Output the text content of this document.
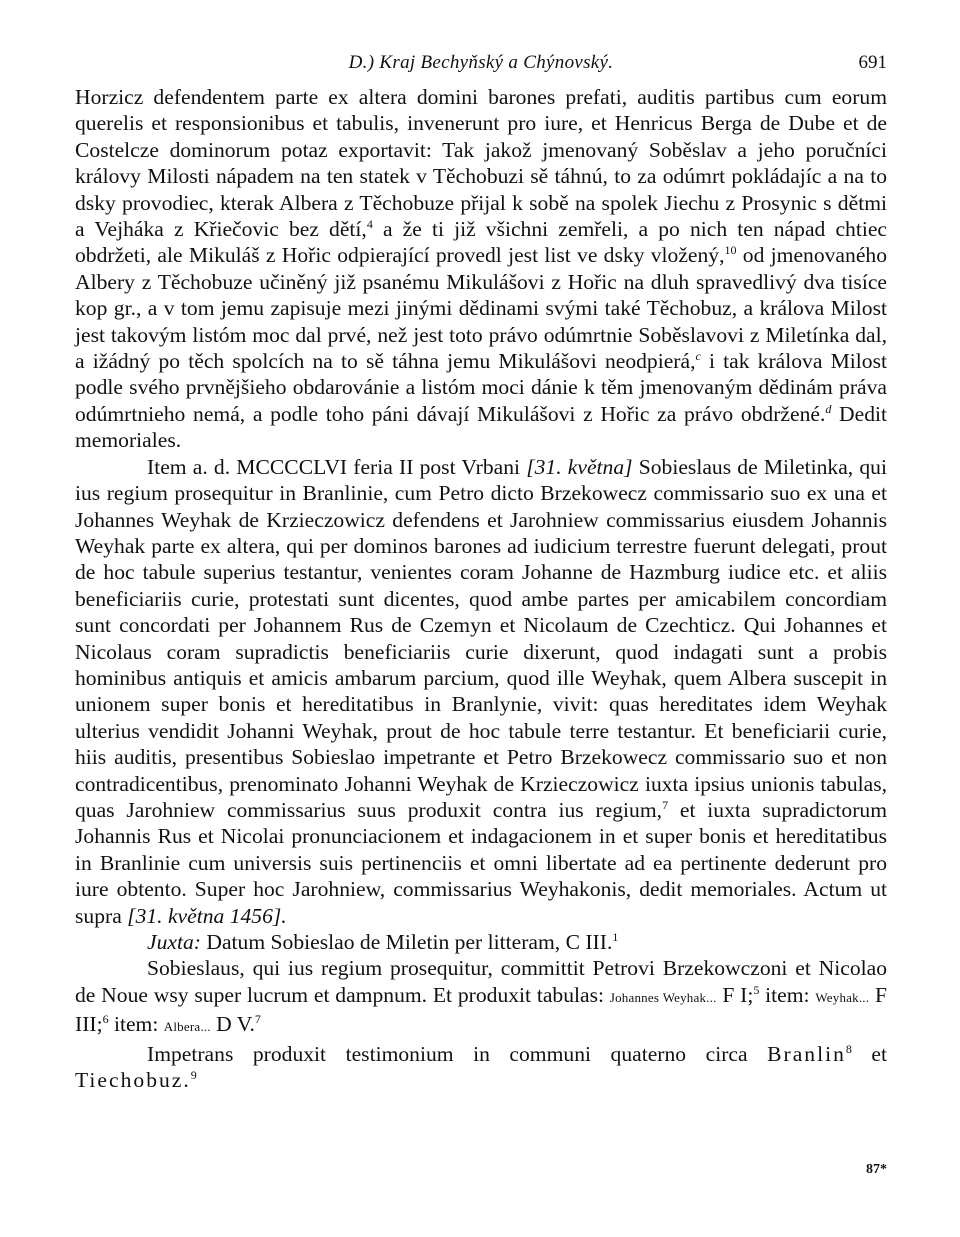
D.) Kraj Bechyňský a Chýnovský.	691

Horzicz defendentem parte ex altera domini barones prefati, auditis partibus cum eorum querelis et responsionibus et tabulis, invenerunt pro iure, et Henricus Berga de Dube et de Costelcze dominorum potaz exportavit: Tak jakož jmenovaný Soběslav a jeho poručníci královy Milosti nápadem na ten statek v Těchobuzi sě táhnú, to za odúmrt pokládajíc a na to dsky provodiec, kterak Albera z Těchobuze přijal k sobě na spolek Jiechu z Prosynic s dětmi a Vejháka z Křiečovic bez dětí,$^4$ a že ti již všichni zemřeli, a po nich ten nápad chtiec obdržeti, ale Mikuláš z Hořic odpierající provedl jest list ve dsky vložený,$^{10}$ od jmenovaného Albery z Těchobuze učiněný již psanému Mikulášovi z Hořic na dluh spravedlivý dva tisíce kop gr., a v tom jemu zapisuje mezi jinými dědinami svými také Těchobuz, a králova Milost jest takovým listóm moc dal prvé, než jest toto právo odúmrtnie Soběslavovi z Miletínka dal, a ižádný po těch spolcích na to sě táhna jemu Mikulášovi neodpierá,$^c$ i tak králova Milost podle svého prvnějšieho obdarovánie a listóm moci dánie k těm jmenovaným dědinám práva odúmrtnieho nemá, a podle toho páni dávají Mikulášovi z Hořic za právo obdržené.$^d$ Dedit memoriales.

Item a. d. MCCCCLVI feria II post Vrbani [31. května] Sobieslaus de Miletinka, qui ius regium prosequitur in Branlinie, cum Petro dicto Brzekowecz commissario suo ex una et Johannes Weyhak de Krzieczowicz defendens et Jarohniew commissarius eiusdem Johannis Weyhak parte ex altera, qui per dominos barones ad iudicium terrestre fuerunt delegati, prout de hoc tabule superius testantur, venientes coram Johanne de Hazmburg iudice etc. et aliis beneficiariis curie, protestati sunt dicentes, quod ambe partes per amicabilem concordiam sunt concordati per Johannem Rus de Czemyn et Nicolaum de Czechticz. Qui Johannes et Nicolaus coram supradictis beneficiariis curie dixerunt, quod indagati sunt a probis hominibus antiquis et amicis ambarum parcium, quod ille Weyhak, quem Albera suscepit in unionem super bonis et hereditatibus in Branlynie, vivit: quas hereditates idem Weyhak ulterius vendidit Johanni Weyhak, prout de hoc tabule terre testantur. Et beneficiarii curie, hiis auditis, presentibus Sobieslao impetrante et Petro Brzekowecz commissario suo et non contradicentibus, prenominato Johanni Weyhak de Krzieczowicz iuxta ipsius unionis tabulas, quas Jarohniew commissarius suus produxit contra ius regium,$^7$ et iuxta supradictorum Johannis Rus et Nicolai pronunciacionem et indagacionem in et super bonis et hereditatibus in Branlinie cum universis suis pertinenciis et omni libertate ad ea pertinente dederunt pro iure obtento. Super hoc Jarohniew, commissarius Weyhakonis, dedit memoriales. Actum ut supra [31. května 1456].

Juxta: Datum Sobieslao de Miletin per litteram, C III.$^1$

Sobieslaus, qui ius regium prosequitur, committit Petrovi Brzekowczoni et Nicolao de Noue wsy super lucrum et dampnum. Et produxit tabulas: Johannes Weyhak... F I;$^5$ item: Weyhak... F III;$^6$ item: Albera... D V.$^7$

Impetrans produxit testimonium in communi quaterno circa Branlin$^8$ et Tiechobuz.$^9$

87*
